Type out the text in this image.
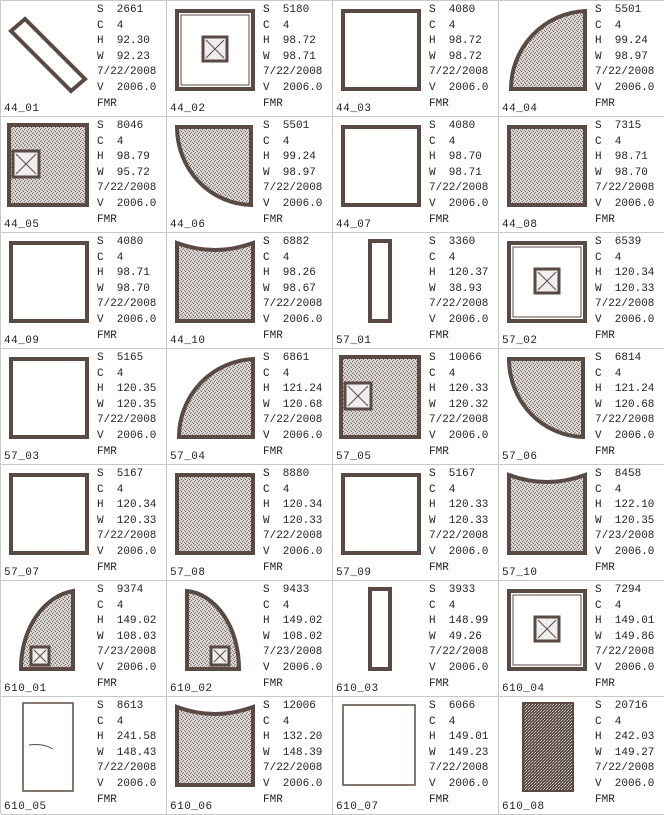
44_01
S  2661
C  4
H  92.30
W  92.23
7/22/2008
V  2006.0
FMR	44_02
S  5180
C  4
H  98.72
W  98.71
7/22/2008
V  2006.0
FMR	44_03
S  4080
C  4
H  98.72
W  98.72
7/22/2008
V  2006.0
FMR	44_04
S  5501
C  4
H  99.24
W  98.97
7/22/2008
V  2006.0
FMR
44_05
S  8046
C  4
H  98.79
W  95.72
7/22/2008
V  2006.0
FMR	44_06
S  5501
C  4
H  99.24
W  98.97
7/22/2008
V  2006.0
FMR	44_07
S  4080
C  4
H  98.70
W  98.71
7/22/2008
V  2006.0
FMR	44_08
S  7315
C  4
H  98.71
W  98.70
7/22/2008
V  2006.0
FMR
44_09
S  4080
C  4
H  98.71
W  98.70
7/22/2008
V  2006.0
FMR	44_10
S  6882
C  4
H  98.26
W  98.67
7/22/2008
V  2006.0
FMR	57_01
S  3360
C  4
H  120.37
W  38.93
7/22/2008
V  2006.0
FMR	57_02
S  6539
C  4
H  120.34
W  120.33
7/22/2008
V  2006.0
FMR
57_03
S  5165
C  4
H  120.35
W  120.35
7/22/2008
V  2006.0
FMR	57_04
S  6861
C  4
H  121.24
W  120.68
7/22/2008
V  2006.0
FMR	57_05
S  10066
C  4
H  120.33
W  120.32
7/22/2008
V  2006.0
FMR	57_06
S  6814
C  4
H  121.24
W  120.68
7/22/2008
V  2006.0
FMR
57_07
S  5167
C  4
H  120.34
W  120.33
7/22/2008
V  2006.0
FMR	57_08
S  8880
C  4
H  120.34
W  120.33
7/22/2008
V  2006.0
FMR	57_09
S  5167
C  4
H  120.33
W  120.33
7/22/2008
V  2006.0
FMR	57_10
S  8458
C  4
H  122.10
W  120.35
7/23/2008
V  2006.0
FMR
610_01
S  9374
C  4
H  149.02
W  108.03
7/23/2008
V  2006.0
FMR	610_02
S  9433
C  4
H  149.02
W  108.02
7/23/2008
V  2006.0
FMR	610_03
S  3933
C  4
H  148.99
W  49.26
7/22/2008
V  2006.0
FMR	610_04
S  7294
C  4
H  149.01
W  149.86
7/22/2008
V  2006.0
FMR
610_05
S  8613
C  4
H  241.58
W  148.43
7/22/2008
V  2006.0
FMR
610_06
S  12006
C  4
H  132.20
W  148.39
7/22/2008
V  2006.0
FMR
610_07
S  6066
C  4
H  149.01
W  149.23
7/22/2008
V  2006.0
FMR
610_08
S  20716
C  4
H  242.03
W  149.27
7/22/2008
V  2006.0
FMR
